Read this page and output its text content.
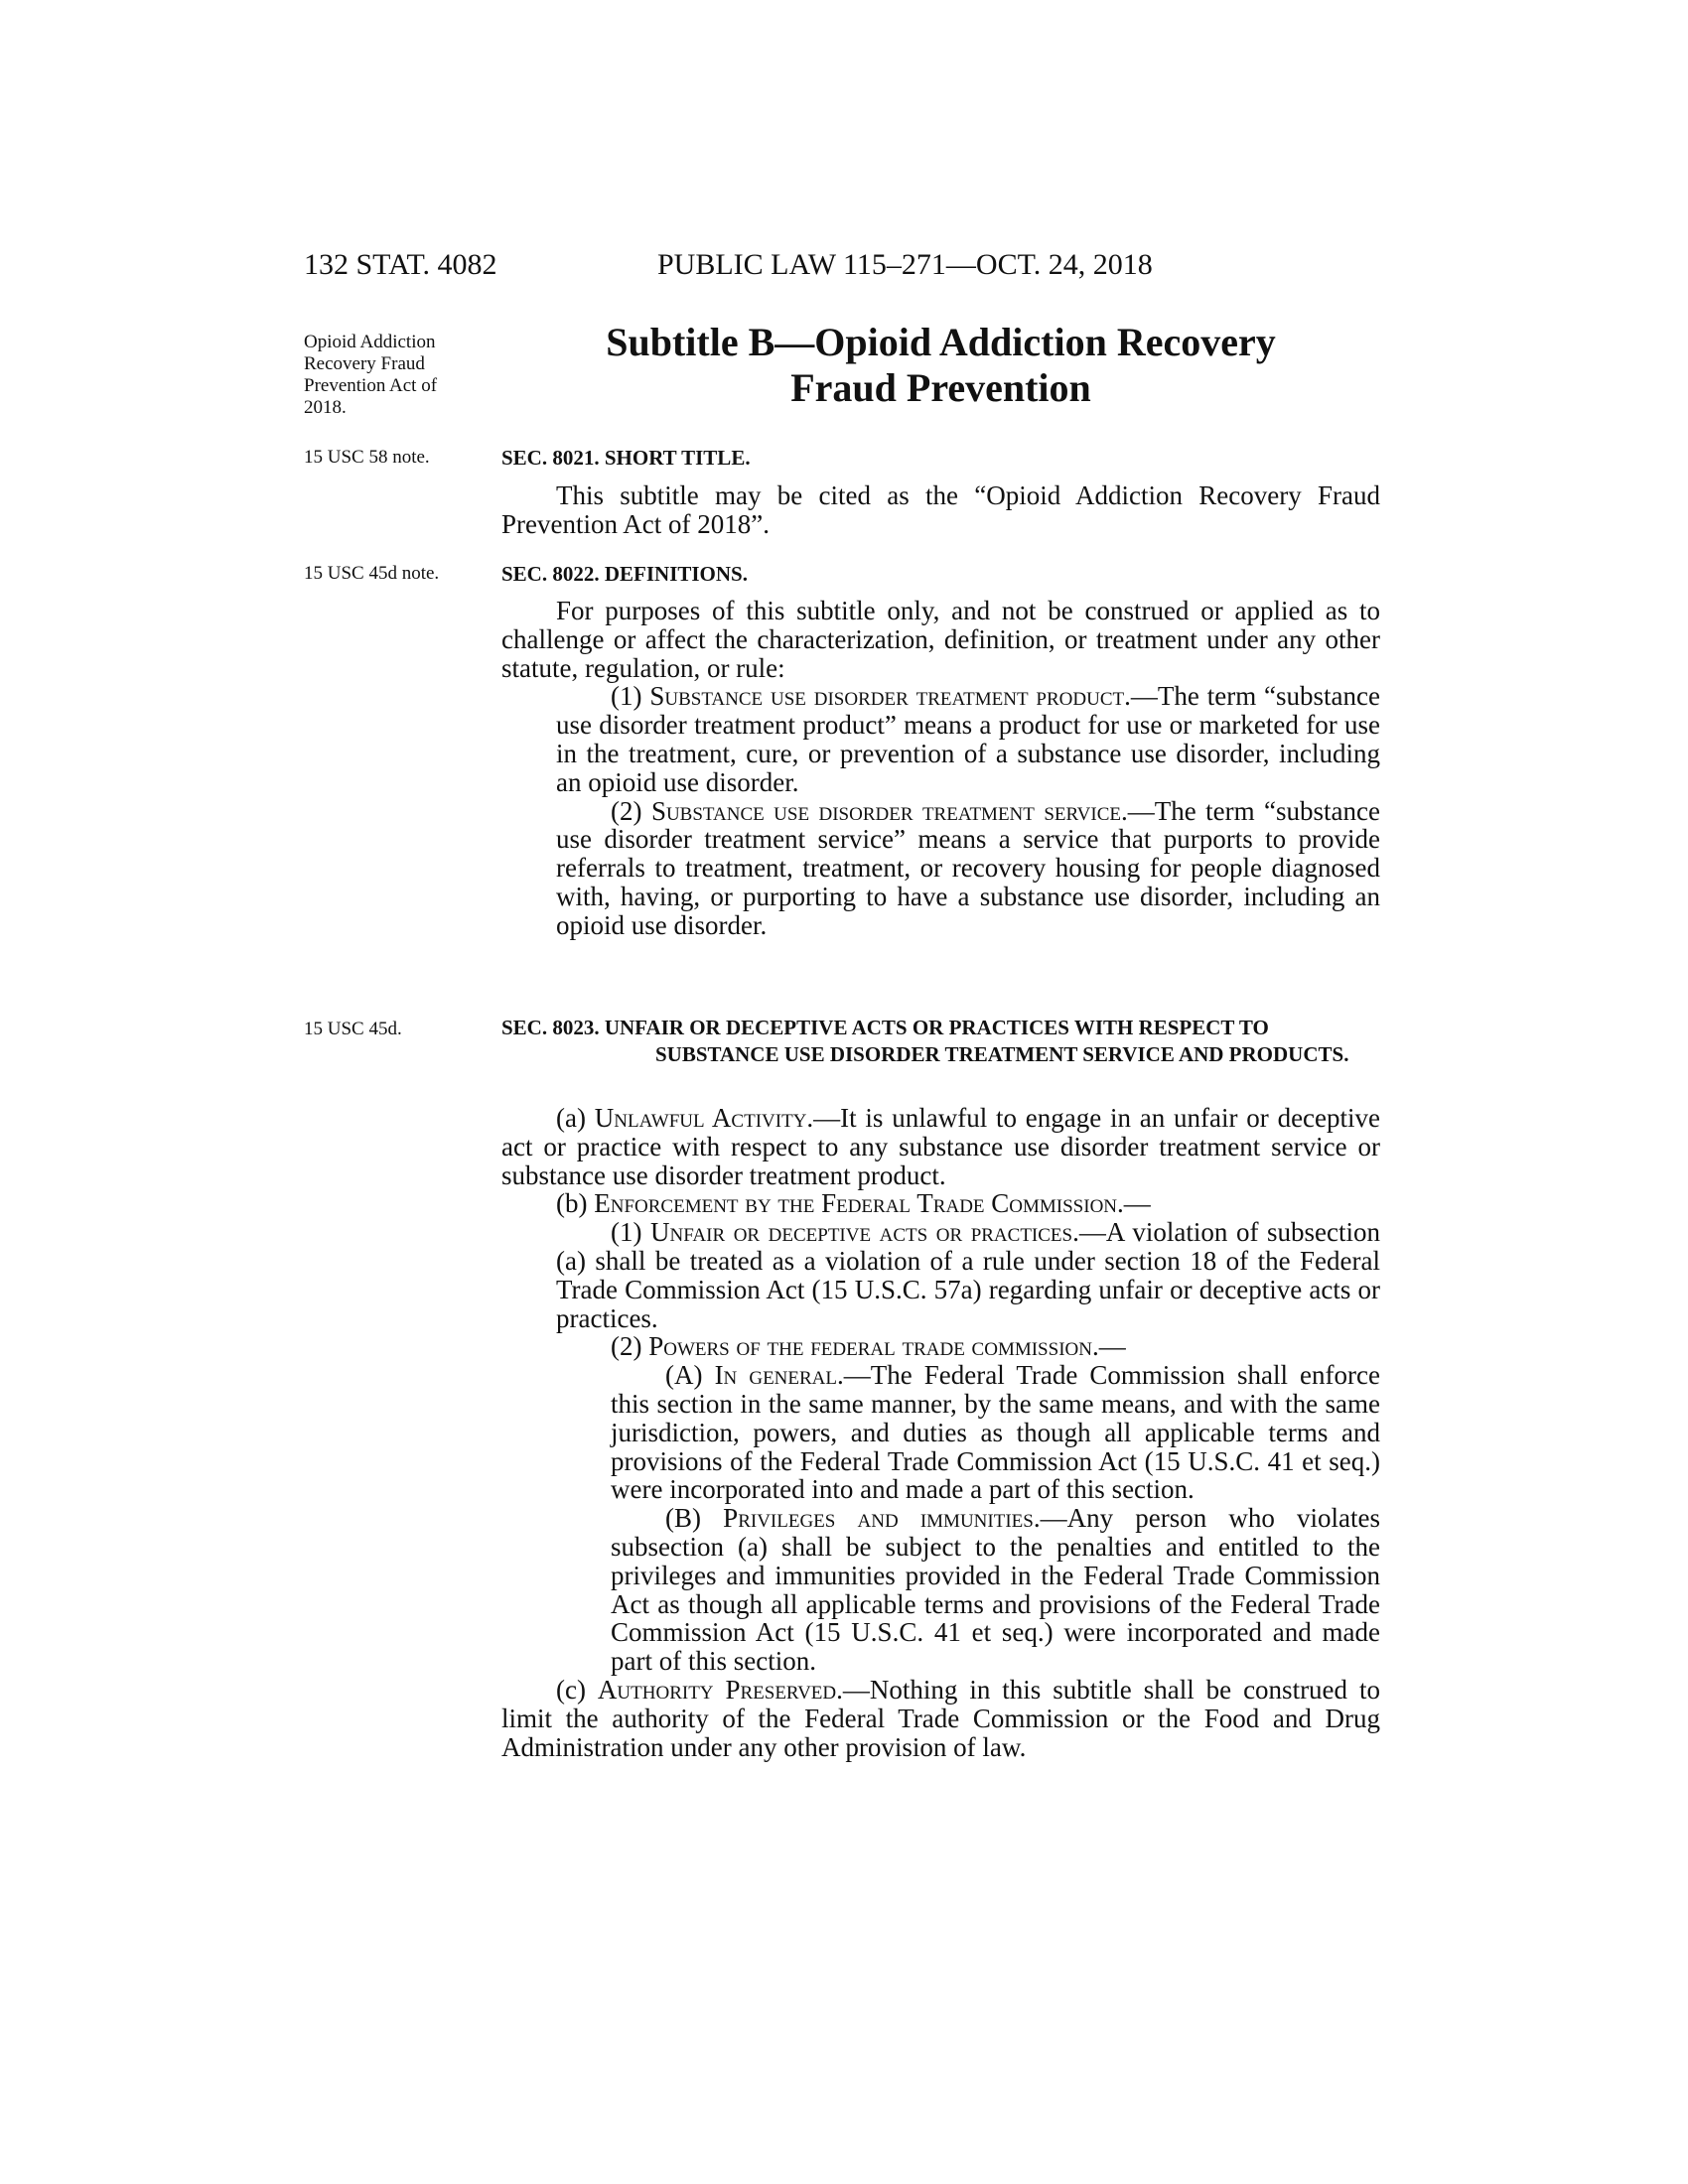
132 STAT. 4082	PUBLIC LAW 115–271—OCT. 24, 2018
Opioid Addiction Recovery Fraud Prevention Act of 2018.
Subtitle B—Opioid Addiction Recovery
Fraud Prevention
15 USC 58 note.	SEC. 8021. SHORT TITLE.

This subtitle may be cited as the “Opioid Addiction Recovery Fraud Prevention Act of 2018”.

15 USC 45d note.	SEC. 8022. DEFINITIONS.

For purposes of this subtitle only, and not be construed or applied as to challenge or affect the characterization, definition, or treatment under any other statute, regulation, or rule:

(1) Substance use disorder treatment product.—The term “substance use disorder treatment product” means a product for use or marketed for use in the treatment, cure, or prevention of a substance use disorder, including an opioid use disorder.

(2) Substance use disorder treatment service.—The term “substance use disorder treatment service” means a service that purports to provide referrals to treatment, treatment, or recovery housing for people diagnosed with, having, or purporting to have a substance use disorder, including an opioid use disorder.

15 USC 45d.	SEC. 8023. UNFAIR OR DECEPTIVE ACTS OR PRACTICES WITH RESPECT TO SUBSTANCE USE DISORDER TREATMENT SERVICE AND PRODUCTS.

(a) Unlawful Activity.—It is unlawful to engage in an unfair or deceptive act or practice with respect to any substance use disorder treatment service or substance use disorder treatment product.

(b) Enforcement by the Federal Trade Commission.—

(1) Unfair or deceptive acts or practices.—A violation of subsection (a) shall be treated as a violation of a rule under section 18 of the Federal Trade Commission Act (15 U.S.C. 57a) regarding unfair or deceptive acts or practices.

(2) Powers of the federal trade commission.—

(A) In general.—The Federal Trade Commission shall enforce this section in the same manner, by the same means, and with the same jurisdiction, powers, and duties as though all applicable terms and provisions of the Federal Trade Commission Act (15 U.S.C. 41 et seq.) were incorporated into and made a part of this section.

(B) Privileges and immunities.—Any person who violates subsection (a) shall be subject to the penalties and entitled to the privileges and immunities provided in the Federal Trade Commission Act as though all applicable terms and provisions of the Federal Trade Commission Act (15 U.S.C. 41 et seq.) were incorporated and made part of this section.

(c) Authority Preserved.—Nothing in this subtitle shall be construed to limit the authority of the Federal Trade Commission or the Food and Drug Administration under any other provision of law.
